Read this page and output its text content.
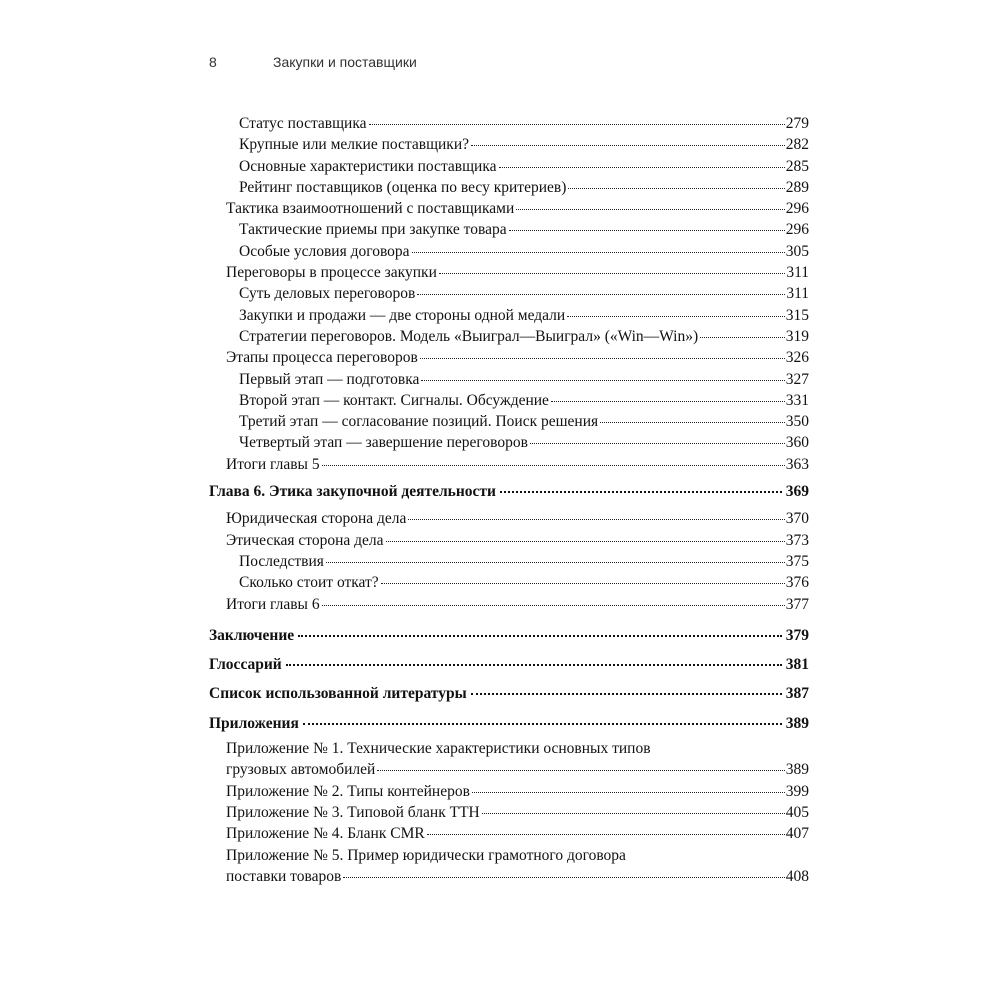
8	Закупки и поставщики
Статус поставщика	279
Крупные или мелкие поставщики?	282
Основные характеристики поставщика	285
Рейтинг поставщиков (оценка по весу критериев)	289
Тактика взаимоотношений с поставщиками	296
Тактические приемы при закупке товара	296
Особые условия договора	305
Переговоры в процессе закупки	311
Суть деловых переговоров	311
Закупки и продажи — две стороны одной медали	315
Стратегии переговоров. Модель «Выиграл—Выиграл» («Win—Win»)	319
Этапы процесса переговоров	326
Первый этап — подготовка	327
Второй этап — контакт. Сигналы. Обсуждение	331
Третий этап — согласование позиций. Поиск решения	350
Четвертый этап — завершение переговоров	360
Итоги главы 5	363
Глава 6. Этика закупочной деятельности	369
Юридическая сторона дела	370
Этическая сторона дела	373
Последствия	375
Сколько стоит откат?	376
Итоги главы 6	377
Заключение	379
Глоссарий	381
Список использованной литературы	387
Приложения	389
Приложение № 1. Технические характеристики основных типов
грузовых автомобилей	389
Приложение № 2. Типы контейнеров	399
Приложение № 3. Типовой бланк ТТН	405
Приложение № 4. Бланк CMR	407
Приложение № 5. Пример юридически грамотного договора
поставки товаров	408
